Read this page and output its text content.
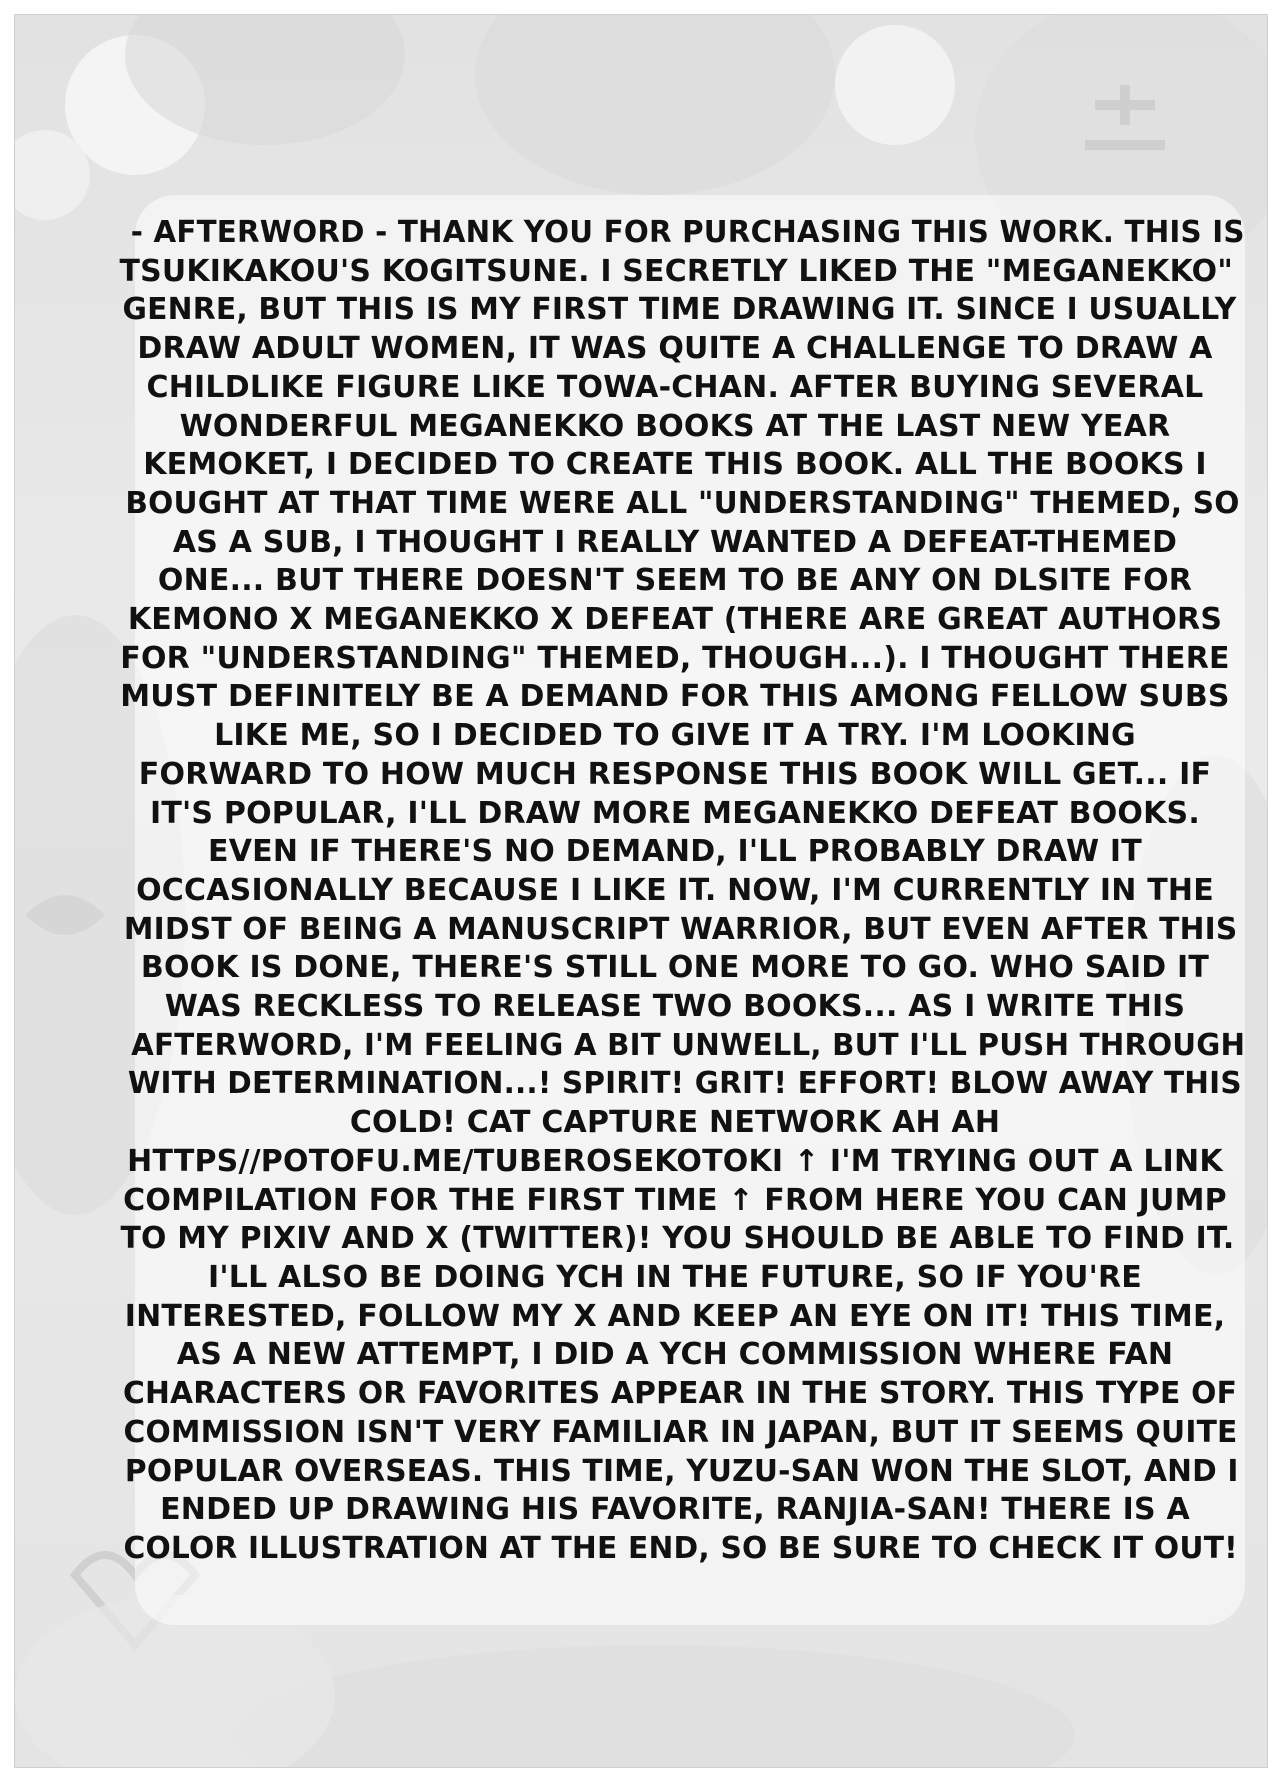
- AFTERWORD - THANK YOU FOR PURCHASING THIS WORK. THIS IS
TSUKIKAKOU'S KOGITSUNE. I SECRETLY LIKED THE "MEGANEKKO"
GENRE, BUT THIS IS MY FIRST TIME DRAWING IT. SINCE I USUALLY
DRAW ADULT WOMEN, IT WAS QUITE A CHALLENGE TO DRAW A
CHILDLIKE FIGURE LIKE TOWA-CHAN. AFTER BUYING SEVERAL
WONDERFUL MEGANEKKO BOOKS AT THE LAST NEW YEAR
KEMOKET, I DECIDED TO CREATE THIS BOOK. ALL THE BOOKS I
BOUGHT AT THAT TIME WERE ALL "UNDERSTANDING" THEMED, SO
AS A SUB, I THOUGHT I REALLY WANTED A DEFEAT-THEMED
ONE... BUT THERE DOESN'T SEEM TO BE ANY ON DLSITE FOR
KEMONO X MEGANEKKO X DEFEAT (THERE ARE GREAT AUTHORS
FOR "UNDERSTANDING" THEMED, THOUGH...). I THOUGHT THERE
MUST DEFINITELY BE A DEMAND FOR THIS AMONG FELLOW SUBS
LIKE ME, SO I DECIDED TO GIVE IT A TRY. I'M LOOKING
FORWARD TO HOW MUCH RESPONSE THIS BOOK WILL GET... IF
IT'S POPULAR, I'LL DRAW MORE MEGANEKKO DEFEAT BOOKS.
EVEN IF THERE'S NO DEMAND, I'LL PROBABLY DRAW IT
OCCASIONALLY BECAUSE I LIKE IT. NOW, I'M CURRENTLY IN THE
MIDST OF BEING A MANUSCRIPT WARRIOR, BUT EVEN AFTER THIS
BOOK IS DONE, THERE'S STILL ONE MORE TO GO. WHO SAID IT
WAS RECKLESS TO RELEASE TWO BOOKS... AS I WRITE THIS
AFTERWORD, I'M FEELING A BIT UNWELL, BUT I'LL PUSH THROUGH
WITH DETERMINATION...! SPIRIT! GRIT! EFFORT! BLOW AWAY THIS
COLD! CAT CAPTURE NETWORK AH AH
HTTPS//POTOFU.ME/TUBEROSEKOTOKI ↑ I'M TRYING OUT A LINK
COMPILATION FOR THE FIRST TIME ↑ FROM HERE YOU CAN JUMP
TO MY PIXIV AND X (TWITTER)! YOU SHOULD BE ABLE TO FIND IT.
I'LL ALSO BE DOING YCH IN THE FUTURE, SO IF YOU'RE
INTERESTED, FOLLOW MY X AND KEEP AN EYE ON IT! THIS TIME,
AS A NEW ATTEMPT, I DID A YCH COMMISSION WHERE FAN
CHARACTERS OR FAVORITES APPEAR IN THE STORY. THIS TYPE OF
COMMISSION ISN'T VERY FAMILIAR IN JAPAN, BUT IT SEEMS QUITE
POPULAR OVERSEAS. THIS TIME, YUZU-SAN WON THE SLOT, AND I
ENDED UP DRAWING HIS FAVORITE, RANJIA-SAN! THERE IS A
COLOR ILLUSTRATION AT THE END, SO BE SURE TO CHECK IT OUT!
